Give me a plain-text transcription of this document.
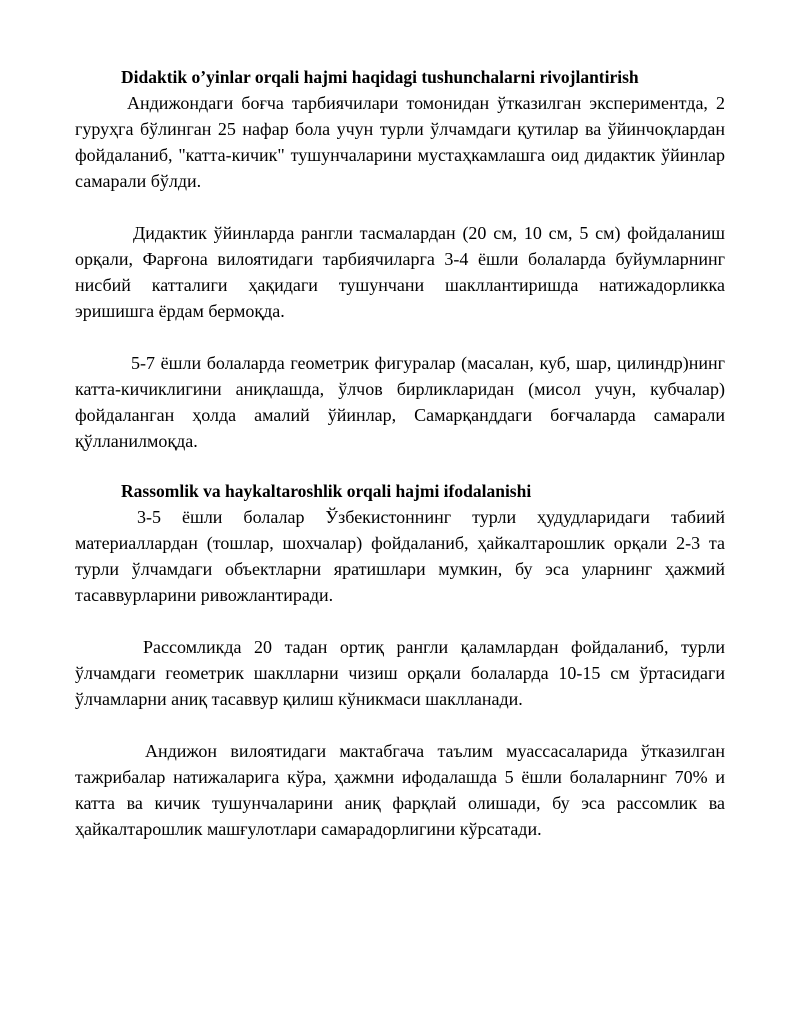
Didaktik o’yinlar orqali hajmi haqidagi tushunchalarni rivojlantirish

Андижондаги боғча тарбиячилари томонидан ўтказилган экспериментда, 2 гуруҳга бўлинган 25 нафар бола учун турли ўлчамдаги қутилар ва ўйинчоқлардан фойдаланиб, "катта-кичик" тушунчаларини мустаҳкамлашга оид дидактик ўйинлар самарали бўлди.

Дидактик ўйинларда рангли тасмалардан (20 см, 10 см, 5 см) фойдаланиш орқали, Фарғона вилоятидаги тарбиячиларга 3-4 ёшли болаларда буйумларнинг нисбий катталиги ҳақидаги тушунчани шакллантиришда натижадорликка эришишга ёрдам бермоқда.

5-7 ёшли болаларда геометрик фигуралар (масалан, куб, шар, цилиндр)нинг катта-кичиклигини аниқлашда, ўлчов бирликларидан (мисол учун, кубчалар) фойдаланган ҳолда амалий ўйинлар, Самарқанддаги боғчаларда самарали қўлланилмоқда.

Rassomlik va haykaltaroshlik orqali hajmi ifodalanishi

3-5 ёшли болалар Ўзбекистоннинг турли ҳудудларидаги табиий материаллардан (тошлар, шохчалар) фойдаланиб, ҳайкалтарошлик орқали 2-3 та турли ўлчамдаги объектларни яратишлари мумкин, бу эса уларнинг ҳажмий тасаввурларини ривожлантиради.

Рассомликда 20 тадан ортиқ рангли қаламлардан фойдаланиб, турли ўлчамдаги геометрик шаклларни чизиш орқали болаларда 10-15 см ўртасидаги ўлчамларни аниқ тасаввур қилиш кўникмаси шаклланади.

Андижон вилоятидаги мактабгача таълим муассасаларида ўтказилган тажрибалар натижаларига кўра, ҳажмни ифодалашда 5 ёшли болаларнинг 70% и катта ва кичик тушунчаларини аниқ фарқлай олишади, бу эса рассомлик ва ҳайкалтарошлик машғулотлари самарадорлигини кўрсатади.
